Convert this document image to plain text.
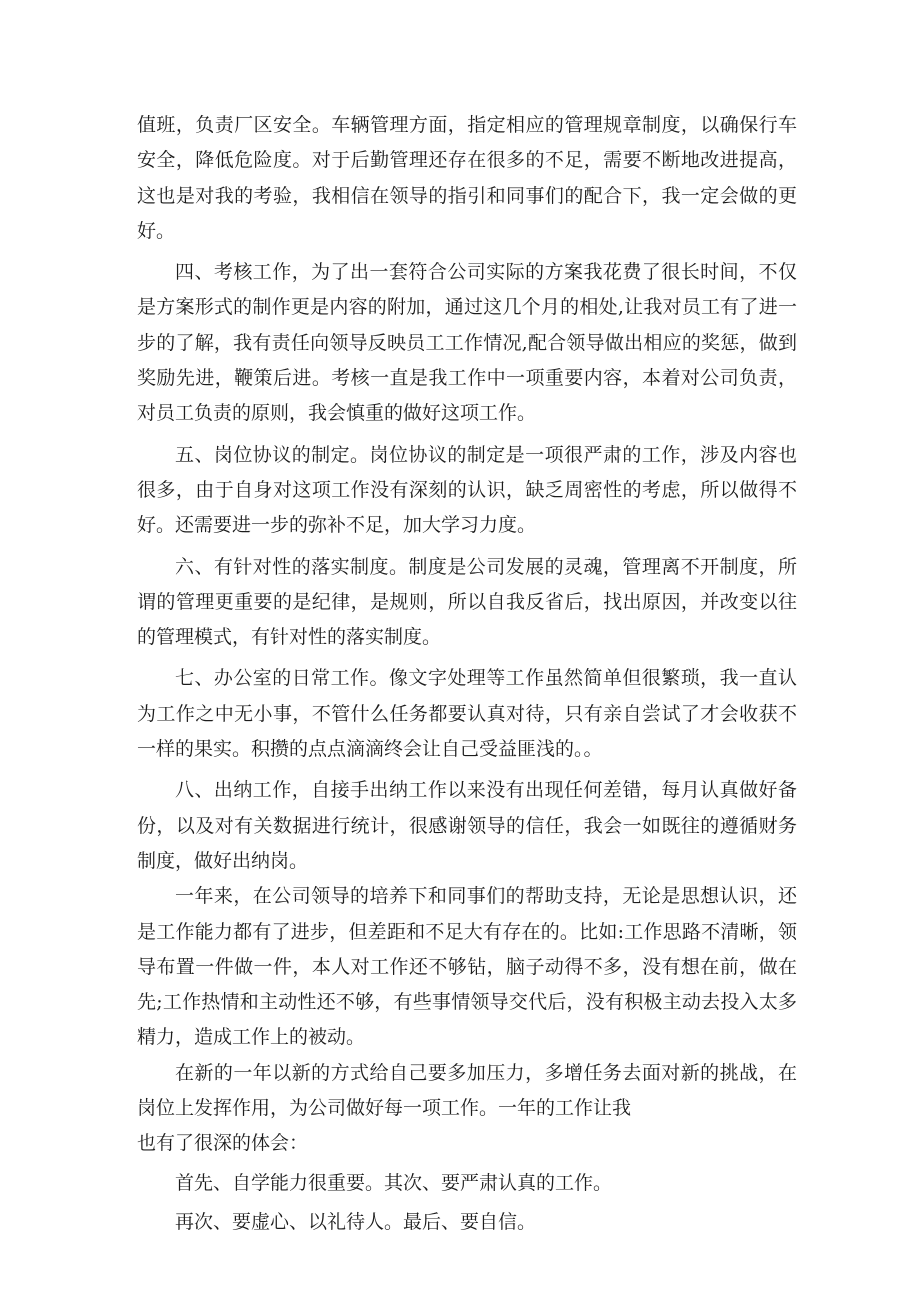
值班，负责厂区安全。车辆管理方面，指定相应的管理规章制度，以确保行车安全，降低危险度。对于后勤管理还存在很多的不足，需要不断地改进提高，这也是对我的考验，我相信在领导的指引和同事们的配合下，我一定会做的更好。

四、考核工作，为了出一套符合公司实际的方案我花费了很长时间，不仅是方案形式的制作更是内容的附加，通过这几个月的相处,让我对员工有了进一步的了解，我有责任向领导反映员工工作情况,配合领导做出相应的奖惩，做到奖励先进，鞭策后进。考核一直是我工作中一项重要内容，本着对公司负责，对员工负责的原则，我会慎重的做好这项工作。

五、岗位协议的制定。岗位协议的制定是一项很严肃的工作，涉及内容也很多，由于自身对这项工作没有深刻的认识，缺乏周密性的考虑，所以做得不好。还需要进一步的弥补不足，加大学习力度。

六、有针对性的落实制度。制度是公司发展的灵魂，管理离不开制度，所谓的管理更重要的是纪律，是规则，所以自我反省后，找出原因，并改变以往的管理模式，有针对性的落实制度。

七、办公室的日常工作。像文字处理等工作虽然简单但很繁琐，我一直认为工作之中无小事，不管什么任务都要认真对待，只有亲自尝试了才会收获不一样的果实。积攒的点点滴滴终会让自己受益匪浅的。。

八、出纳工作，自接手出纳工作以来没有出现任何差错，每月认真做好备份，以及对有关数据进行统计，很感谢领导的信任，我会一如既往的遵循财务制度，做好出纳岗。

一年来，在公司领导的培养下和同事们的帮助支持，无论是思想认识，还是工作能力都有了进步，但差距和不足大有存在的。比如:工作思路不清晰，领导布置一件做一件，本人对工作还不够钻，脑子动得不多，没有想在前，做在先;工作热情和主动性还不够，有些事情领导交代后，没有积极主动去投入太多精力，造成工作上的被动。

在新的一年以新的方式给自己要多加压力，多增任务去面对新的挑战，在岗位上发挥作用，为公司做好每一项工作。一年的工作让我

也有了很深的体会：

首先、自学能力很重要。其次、要严肃认真的工作。

再次、要虚心、以礼待人。最后、要自信。
